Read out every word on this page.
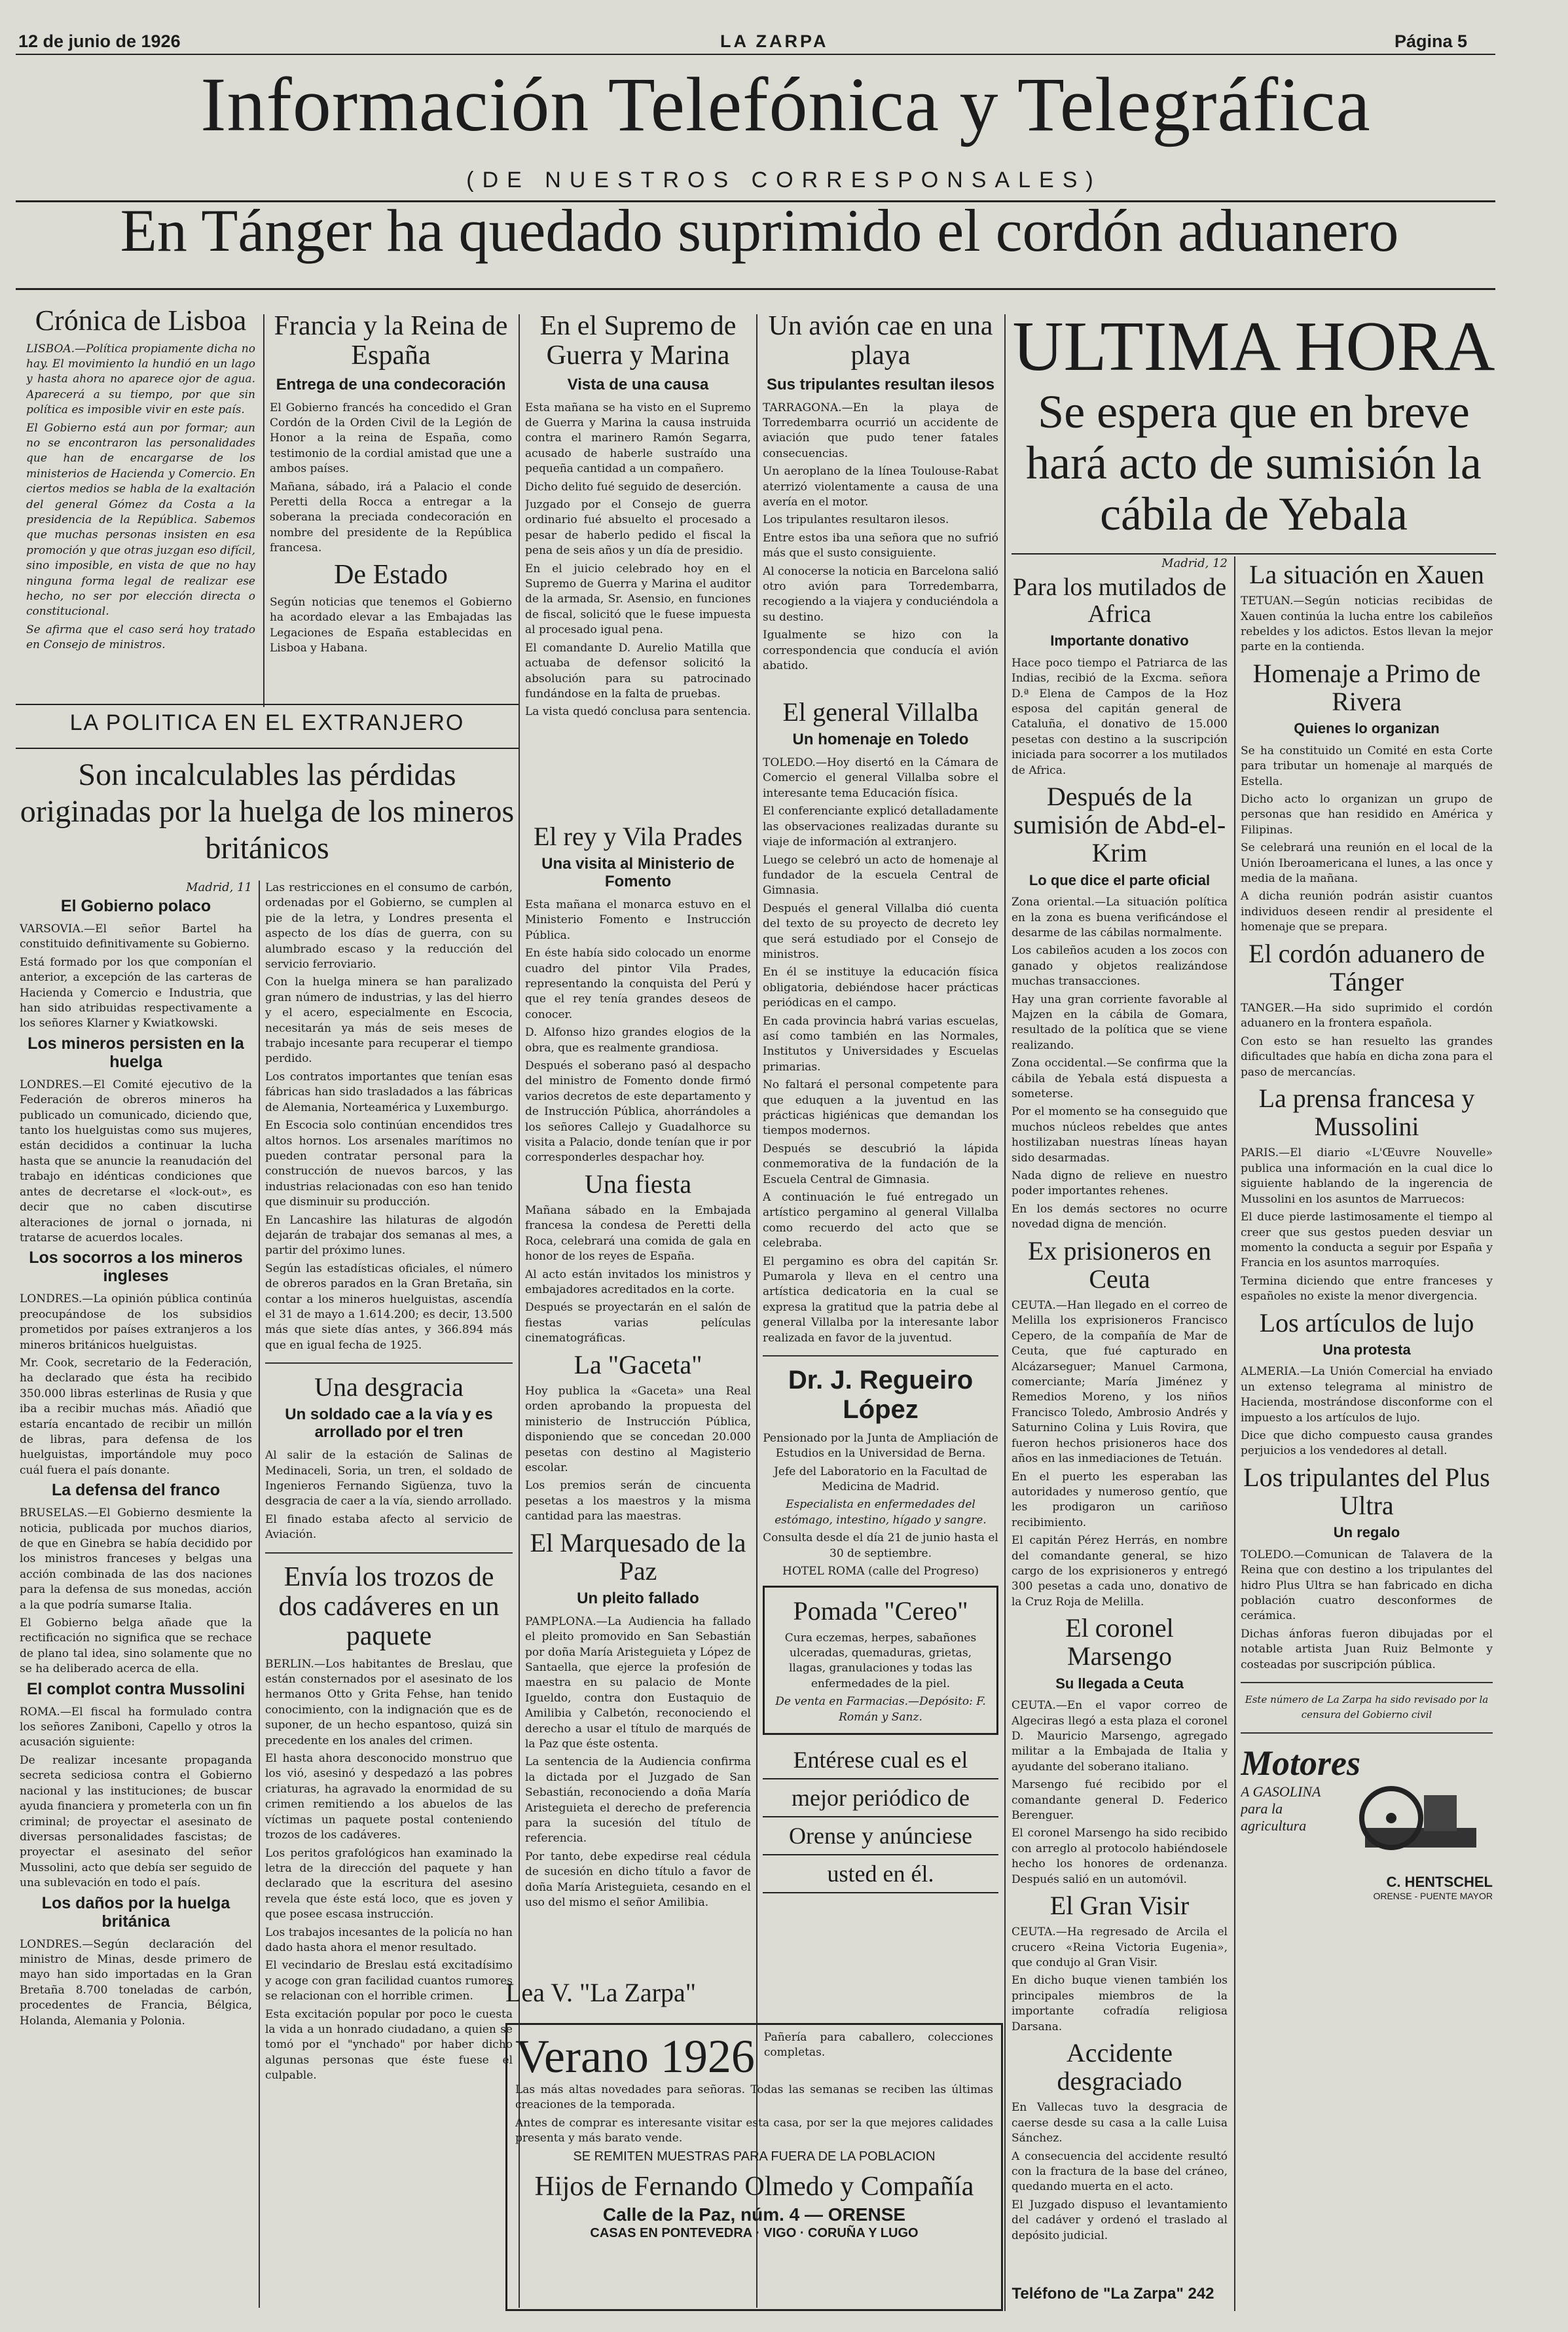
12 de junio de 1926	LA ZARPA	Página 5
Información Telefónica y Telegráfica
(DE NUESTROS CORRESPONSALES)
En Tánger ha quedado suprimido el cordón aduanero
Crónica de Lisboa
LISBOA.—Política propiamente dicha no hay. El movimiento la hundió en un lago y hasta ahora no aparece ojor de agua. Aparecerá a su tiempo, por que sin política es imposible vivir en este país.
El Gobierno está aun por formar; aun no se encontraron las personalidades que han de encargarse de los ministerios de Hacienda y Comercio. En ciertos medios se habla de la exaltación del general Gómez da Costa a la presidencia de la República. Sabemos que muchas personas insisten en esa promoción y que otras juzgan eso difícil, sino imposible, en vista de que no hay ninguna forma legal de realizar ese hecho, no ser por elección directa o constitucional.
Se afirma que el caso será hoy tratado en Consejo de ministros.
Francia y la Reina de España
Entrega de una condecoración
El Gobierno francés ha concedido el Gran Cordón de la Orden Civil de la Legión de Honor a la reina de España, como testimonio de la cordial amistad que une a ambos países.
Mañana, sábado, irá a Palacio el conde Peretti della Rocca a entregar a la soberana la preciada condecoración en nombre del presidente de la República francesa.
De Estado
Según noticias que tenemos el Gobierno ha acordado elevar a las Embajadas las Legaciones de España establecidas en Lisboa y Habana.
En el Supremo de Guerra y Marina
Vista de una causa
Esta mañana se ha visto en el Supremo de Guerra y Marina la causa instruida contra el marinero Ramón Segarra, acusado de haberle sustraído una pequeña cantidad a un compañero.
Dicho delito fué seguido de deserción.
Juzgado por el Consejo de guerra ordinario fué absuelto el procesado a pesar de haberlo pedido el fiscal la pena de seis años y un día de presidio.
En el juicio celebrado hoy en el Supremo de Guerra y Marina el auditor de la armada, Sr. Asensio, en funciones de fiscal, solicitó que le fuese impuesta al procesado igual pena.
El comandante D. Aurelio Matilla que actuaba de defensor solicitó la absolución para su patrocinado fundándose en la falta de pruebas.
La vista quedó conclusa para sentencia.
Un avión cae en una playa
Sus tripulantes resultan ilesos
TARRAGONA.—En la playa de Torredembarra ocurrió un accidente de aviación que pudo tener fatales consecuencias.
Un aeroplano de la línea Toulouse-Rabat aterrizó violentamente a causa de una avería en el motor.
Los tripulantes resultaron ilesos.
Entre estos iba una señora que no sufrió más que el susto consiguiente.
Al conocerse la noticia en Barcelona salió otro avión para Torredembarra, recogiendo a la viajera y conduciéndola a su destino.
Igualmente se hizo con la correspondencia que conducía el avión abatido.
ULTIMA HORA
Se espera que en breve hará acto de sumisión la cábila de Yebala
LA POLITICA EN EL EXTRANJERO
Son incalculables las pérdidas originadas por la huelga de los mineros británicos
Madrid, 11
El Gobierno polaco
VARSOVIA.—El señor Bartel ha constituido definitivamente su Gobierno.
Está formado por los que componían el anterior, a excepción de las carteras de Hacienda y Comercio e Industria, que han sido atribuidas respectivamente a los señores Klarner y Kwiatkowski.
Los mineros persisten en la huelga
LONDRES.—El Comité ejecutivo de la Federación de obreros mineros ha publicado un comunicado, diciendo que, tanto los huelguistas como sus mujeres, están decididos a continuar la lucha hasta que se anuncie la reanudación del trabajo en idénticas condiciones que antes de decretarse el «lock-out», es decir que no caben discutirse alteraciones de jornal o jornada, ni tratarse de acuerdos locales.
Los socorros a los mineros ingleses
LONDRES.—La opinión pública continúa preocupándose de los subsidios prometidos por países extranjeros a los mineros británicos huelguistas.
Mr. Cook, secretario de la Federación, ha declarado que ésta ha recibido 350.000 libras esterlinas de Rusia y que iba a recibir muchas más. Añadió que estaría encantado de recibir un millón de libras, para defensa de los huelguistas, importándole muy poco cuál fuera el país donante.
La defensa del franco
BRUSELAS.—El Gobierno desmiente la noticia, publicada por muchos diarios, de que en Ginebra se había decidido por los ministros franceses y belgas una acción combinada de las dos naciones para la defensa de sus monedas, acción a la que podría sumarse Italia.
El Gobierno belga añade que la rectificación no significa que se rechace de plano tal idea, sino solamente que no se ha deliberado acerca de ella.
El complot contra Mussolini
ROMA.—El fiscal ha formulado contra los señores Zaniboni, Capello y otros la acusación siguiente:
De realizar incesante propaganda secreta sediciosa contra el Gobierno nacional y las instituciones; de buscar ayuda financiera y prometerla con un fin criminal; de proyectar el asesinato de diversas personalidades fascistas; de proyectar el asesinato del señor Mussolini, acto que debía ser seguido de una sublevación en todo el país.
Los daños por la huelga británica
LONDRES.—Según declaración del ministro de Minas, desde primero de mayo han sido importadas en la Gran Bretaña 8.700 toneladas de carbón, procedentes de Francia, Bélgica, Holanda, Alemania y Polonia.
Las restricciones en el consumo de carbón, ordenadas por el Gobierno, se cumplen al pie de la letra, y Londres presenta el aspecto de los días de guerra, con su alumbrado escaso y la reducción del servicio ferroviario.
Con la huelga minera se han paralizado gran número de industrias, y las del hierro y el acero, especialmente en Escocia, necesitarán ya más de seis meses de trabajo incesante para recuperar el tiempo perdido.
Los contratos importantes que tenían esas fábricas han sido trasladados a las fábricas de Alemania, Norteamérica y Luxemburgo.
En Escocia solo continúan encendidos tres altos hornos. Los arsenales marítimos no pueden contratar personal para la construcción de nuevos barcos, y las industrias relacionadas con eso han tenido que disminuir su producción.
En Lancashire las hilaturas de algodón dejarán de trabajar dos semanas al mes, a partir del próximo lunes.
Según las estadísticas oficiales, el número de obreros parados en la Gran Bretaña, sin contar a los mineros huelguistas, ascendía el 31 de mayo a 1.614.200; es decir, 13.500 más que siete días antes, y 366.894 más que en igual fecha de 1925.
Una desgracia
Un soldado cae a la vía y es arrollado por el tren
Al salir de la estación de Salinas de Medinaceli, Soria, un tren, el soldado de Ingenieros Fernando Sigüenza, tuvo la desgracia de caer a la vía, siendo arrollado.
El finado estaba afecto al servicio de Aviación.
Envía los trozos de dos cadáveres en un paquete
BERLIN.—Los habitantes de Breslau, que están consternados por el asesinato de los hermanos Otto y Grita Fehse, han tenido conocimiento, con la indignación que es de suponer, de un hecho espantoso, quizá sin precedente en los anales del crimen.
El hasta ahora desconocido monstruo que los vió, asesinó y despedazó a las pobres criaturas, ha agravado la enormidad de su crimen remitiendo a los abuelos de las víctimas un paquete postal conteniendo trozos de los cadáveres.
Los peritos grafológicos han examinado la letra de la dirección del paquete y han declarado que la escritura del asesino revela que éste está loco, que es joven y que posee escasa instrucción.
Los trabajos incesantes de la policía no han dado hasta ahora el menor resultado.
El vecindario de Breslau está excitadísimo y acoge con gran facilidad cuantos rumores se relacionan con el horrible crimen.
Esta excitación popular por poco le cuesta la vida a un honrado ciudadano, a quien se tomó por el "ynchado" por haber dicho algunas personas que éste fuese el culpable.
El rey y Vila Prades
Una visita al Ministerio de Fomento
Esta mañana el monarca estuvo en el Ministerio Fomento e Instrucción Pública.
En éste había sido colocado un enorme cuadro del pintor Vila Prades, representando la conquista del Perú y que el rey tenía grandes deseos de conocer.
D. Alfonso hizo grandes elogios de la obra, que es realmente grandiosa.
Después el soberano pasó al despacho del ministro de Fomento donde firmó varios decretos de este departamento y de Instrucción Pública, ahorrándoles a los señores Callejo y Guadalhorce su visita a Palacio, donde tenían que ir por corresponderles despachar hoy.
Una fiesta
Mañana sábado en la Embajada francesa la condesa de Peretti della Roca, celebrará una comida de gala en honor de los reyes de España.
Al acto están invitados los ministros y embajadores acreditados en la corte.
Después se proyectarán en el salón de fiestas varias películas cinematográficas.
La "Gaceta"
Hoy publica la «Gaceta» una Real orden aprobando la propuesta del ministerio de Instrucción Pública, disponiendo que se concedan 20.000 pesetas con destino al Magisterio escolar.
Los premios serán de cincuenta pesetas a los maestros y la misma cantidad para las maestras.
El Marquesado de la Paz
Un pleito fallado
PAMPLONA.—La Audiencia ha fallado el pleito promovido en San Sebastián por doña María Aristeguieta y López de Santaella, que ejerce la profesión de maestra en su palacio de Monte Igueldo, contra don Eustaquio de Amilibia y Calbetón, reconociendo el derecho a usar el título de marqués de la Paz que éste ostenta.
La sentencia de la Audiencia confirma la dictada por el Juzgado de San Sebastián, reconociendo a doña María Aristeguieta el derecho de preferencia para la sucesión del título de referencia.
Por tanto, debe expedirse real cédula de sucesión en dicho título a favor de doña María Aristeguieta, cesando en el uso del mismo el señor Amilibia.
El general Villalba
Un homenaje en Toledo
TOLEDO.—Hoy disertó en la Cámara de Comercio el general Villalba sobre el interesante tema Educación física.
El conferenciante explicó detalladamente las observaciones realizadas durante su viaje de información al extranjero.
Luego se celebró un acto de homenaje al fundador de la escuela Central de Gimnasia.
Después el general Villalba dió cuenta del texto de su proyecto de decreto ley que será estudiado por el Consejo de ministros.
En él se instituye la educación física obligatoria, debiéndose hacer prácticas periódicas en el campo.
En cada provincia habrá varias escuelas, así como también en las Normales, Institutos y Universidades y Escuelas primarias.
No faltará el personal competente para que eduquen a la juventud en las prácticas higiénicas que demandan los tiempos modernos.
Después se descubrió la lápida conmemorativa de la fundación de la Escuela Central de Gimnasia.
A continuación le fué entregado un artístico pergamino al general Villalba como recuerdo del acto que se celebraba.
El pergamino es obra del capitán Sr. Pumarola y lleva en el centro una artística dedicatoria en la cual se expresa la gratitud que la patria debe al general Villalba por la interesante labor realizada en favor de la juventud.
Dr. J. Regueiro López
Pensionado por la Junta de Ampliación de Estudios en la Universidad de Berna.
Jefe del Laboratorio en la Facultad de Medicina de Madrid.
Especialista en enfermedades del estómago, intestino, hígado y sangre.
Consulta desde el día 21 de junio hasta el 30 de septiembre.
HOTEL ROMA (calle del Progreso)
Pomada "Cereo"
Cura eczemas, herpes, sabañones ulceradas, quemaduras, grietas, llagas, granulaciones y todas las enfermedades de la piel.
De venta en Farmacias.—Depósito: F. Román y Sanz.
Entérese cual es el
mejor periódico de
Orense y anúnciese
usted en él.
Lea V. "La Zarpa"
Verano 1926 Pañería para caballero, colecciones completas.
Las más altas novedades para señoras. Todas las semanas se reciben las últimas creaciones de la temporada.
Antes de comprar es interesante visitar esta casa, por ser la que mejores calidades presenta y más barato vende.
SE REMITEN MUESTRAS PARA FUERA DE LA POBLACION
Hijos de Fernando Olmedo y Compañía
Calle de la Paz, núm. 4 — ORENSE
CASAS EN PONTEVEDRA · VIGO · CORUÑA Y LUGO
Madrid, 12
Para los mutilados de Africa
Importante donativo
Hace poco tiempo el Patriarca de las Indias, recibió de la Excma. señora D.ª Elena de Campos de la Hoz esposa del capitán general de Cataluña, el donativo de 15.000 pesetas con destino a la suscripción iniciada para socorrer a los mutilados de Africa.
Después de la sumisión de Abd-el-Krim
Lo que dice el parte oficial
Zona oriental.—La situación política en la zona es buena verificándose el desarme de las cábilas normalmente.
Los cabileños acuden a los zocos con ganado y objetos realizándose muchas transacciones.
Hay una gran corriente favorable al Majzen en la cábila de Gomara, resultado de la política que se viene realizando.
Zona occidental.—Se confirma que la cábila de Yebala está dispuesta a someterse.
Por el momento se ha conseguido que muchos núcleos rebeldes que antes hostilizaban nuestras líneas hayan sido desarmadas.
Nada digno de relieve en nuestro poder importantes rehenes.
En los demás sectores no ocurre novedad digna de mención.
Ex prisioneros en Ceuta
CEUTA.—Han llegado en el correo de Melilla los exprisioneros Francisco Cepero, de la compañía de Mar de Ceuta, que fué capturado en Alcázarseguer; Manuel Carmona, comerciante; María Jiménez y Remedios Moreno, y los niños Francisco Toledo, Ambrosio Andrés y Saturnino Colina y Luis Rovira, que fueron hechos prisioneros hace dos años en las inmediaciones de Tetuán.
En el puerto les esperaban las autoridades y numeroso gentío, que les prodigaron un cariñoso recibimiento.
El capitán Pérez Herrás, en nombre del comandante general, se hizo cargo de los exprisioneros y entregó 300 pesetas a cada uno, donativo de la Cruz Roja de Melilla.
El coronel Marsengo
Su llegada a Ceuta
CEUTA.—En el vapor correo de Algeciras llegó a esta plaza el coronel D. Mauricio Marsengo, agregado militar a la Embajada de Italia y ayudante del soberano italiano.
Marsengo fué recibido por el comandante general D. Federico Berenguer.
El coronel Marsengo ha sido recibido con arreglo al protocolo habiéndosele hecho los honores de ordenanza. Después salió en un automóvil.
El Gran Visir
CEUTA.—Ha regresado de Arcila el crucero «Reina Victoria Eugenia», que condujo al Gran Visir.
En dicho buque vienen también los principales miembros de la importante cofradía religiosa Darsana.
Accidente desgraciado
En Vallecas tuvo la desgracia de caerse desde su casa a la calle Luisa Sánchez.
A consecuencia del accidente resultó con la fractura de la base del cráneo, quedando muerta en el acto.
El Juzgado dispuso el levantamiento del cadáver y ordenó el traslado al depósito judicial.
Teléfono de "La Zarpa" 242
La situación en Xauen
TETUAN.—Según noticias recibidas de Xauen continúa la lucha entre los cabileños rebeldes y los adictos. Estos llevan la mejor parte en la contienda.
Homenaje a Primo de Rivera
Quienes lo organizan
Se ha constituido un Comité en esta Corte para tributar un homenaje al marqués de Estella.
Dicho acto lo organizan un grupo de personas que han residido en América y Filipinas.
Se celebrará una reunión en el local de la Unión Iberoamericana el lunes, a las once y media de la mañana.
A dicha reunión podrán asistir cuantos individuos deseen rendir al presidente el homenaje que se prepara.
El cordón aduanero de Tánger
TANGER.—Ha sido suprimido el cordón aduanero en la frontera española.
Con esto se han resuelto las grandes dificultades que había en dicha zona para el paso de mercancías.
La prensa francesa y Mussolini
PARIS.—El diario «L'Œuvre Nouvelle» publica una información en la cual dice lo siguiente hablando de la ingerencia de Mussolini en los asuntos de Marruecos:
El duce pierde lastimosamente el tiempo al creer que sus gestos pueden desviar un momento la conducta a seguir por España y Francia en los asuntos marroquíes.
Termina diciendo que entre franceses y españoles no existe la menor divergencia.
Los artículos de lujo
Una protesta
ALMERIA.—La Unión Comercial ha enviado un extenso telegrama al ministro de Hacienda, mostrándose disconforme con el impuesto a los artículos de lujo.
Dice que dicho compuesto causa grandes perjuicios a los vendedores al detall.
Los tripulantes del Plus Ultra
Un regalo
TOLEDO.—Comunican de Talavera de la Reina que con destino a los tripulantes del hidro Plus Ultra se han fabricado en dicha población cuatro desconformes de cerámica.
Dichas ánforas fueron dibujadas por el notable artista Juan Ruiz Belmonte y costeadas por suscripción pública.
Este número de La Zarpa ha sido revisado por la censura del Gobierno civil
Motores
A GASOLINA para la agricultura
C. HENTSCHEL
ORENSE - PUENTE MAYOR
